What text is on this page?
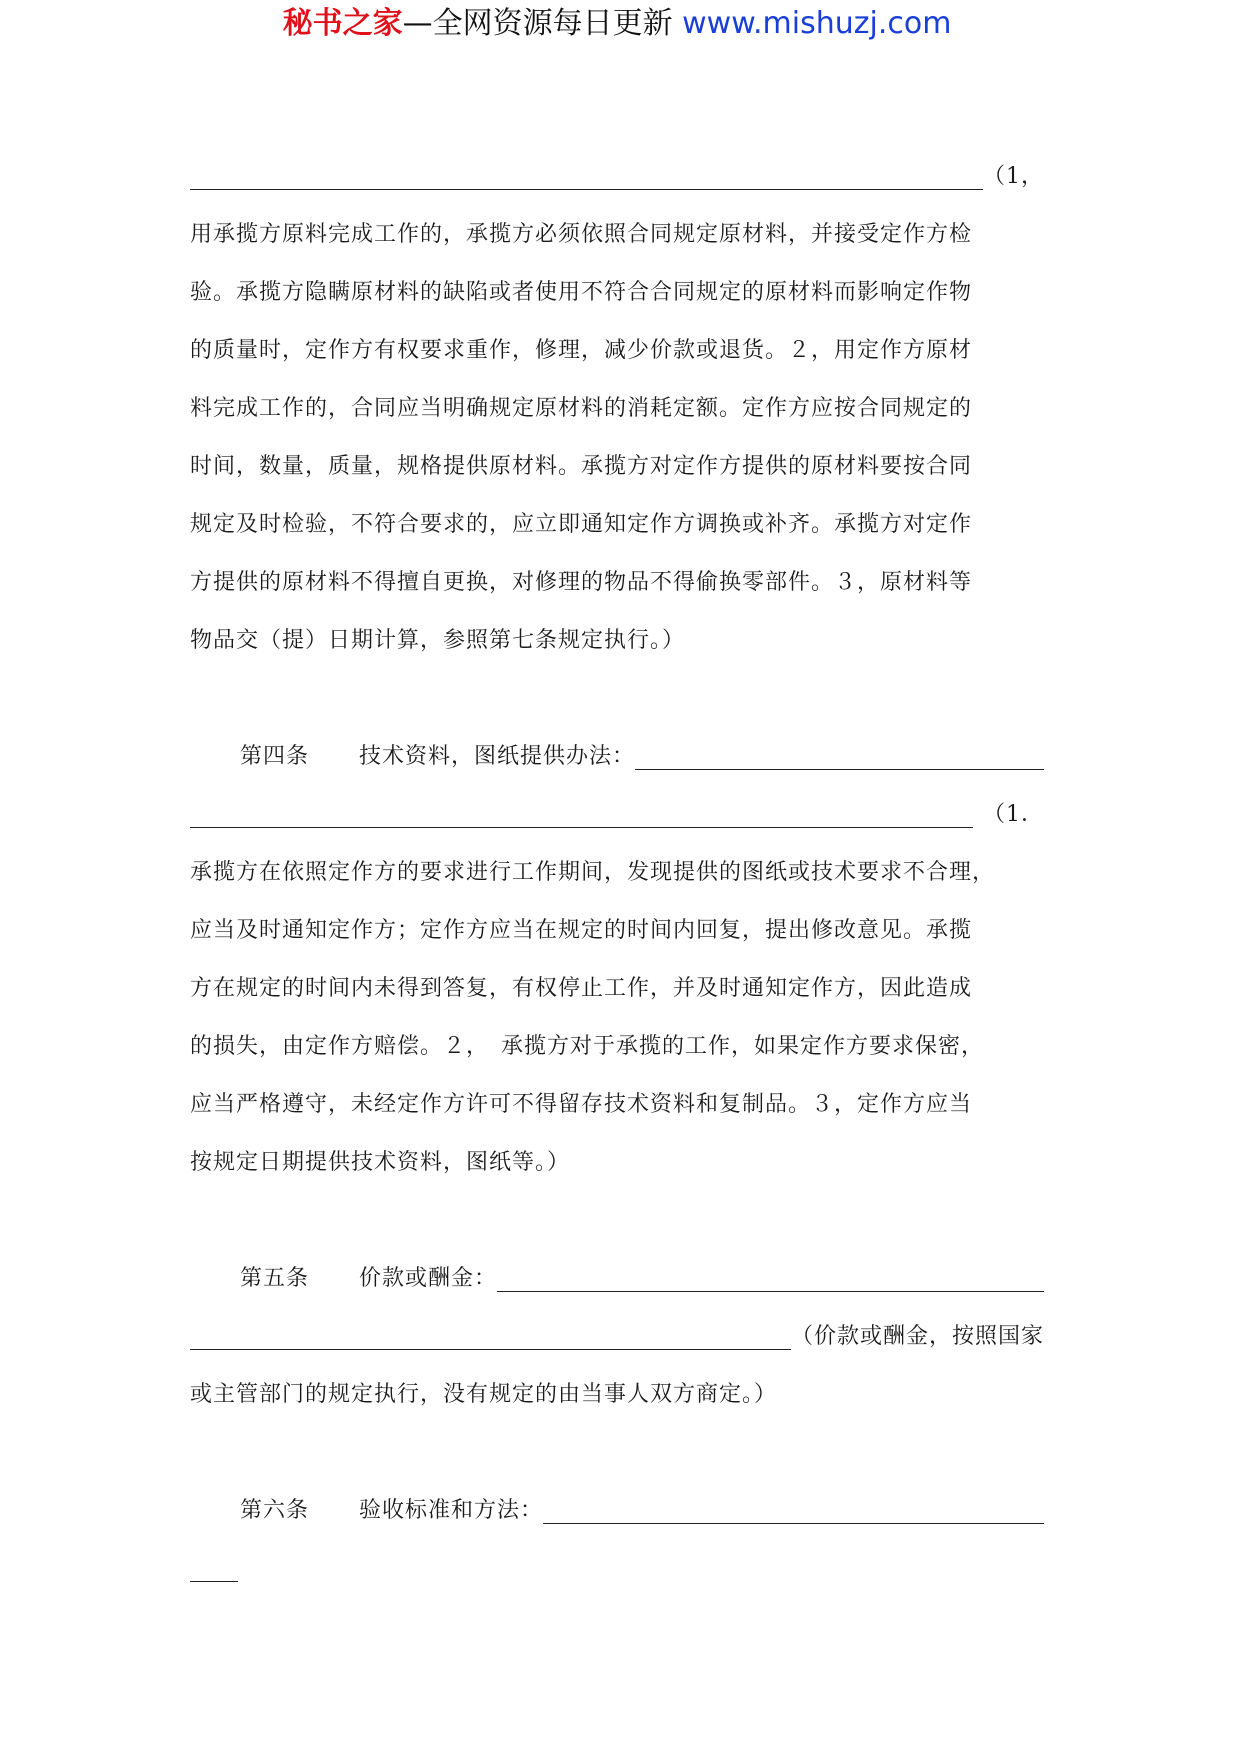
秘书之家—全网资源每日更新 www.mishuzj.com
（1，
用承揽方原料完成工作的，承揽方必须依照合同规定原材料，并接受定作方检
验。承揽方隐瞒原材料的缺陷或者使用不符合合同规定的原材料而影响定作物
的质量时，定作方有权要求重作，修理，减少价款或退货。２，用定作方原材
料完成工作的，合同应当明确规定原材料的消耗定额。定作方应按合同规定的
时间，数量，质量，规格提供原材料。承揽方对定作方提供的原材料要按合同
规定及时检验，不符合要求的，应立即通知定作方调换或补齐。承揽方对定作
方提供的原材料不得擅自更换，对修理的物品不得偷换零部件。３，原材料等
物品交（提）日期计算，参照第七条规定执行。）
第四条 技术资料，图纸提供办法：
（1．
承揽方在依照定作方的要求进行工作期间，发现提供的图纸或技术要求不合理，
应当及时通知定作方；定作方应当在规定的时间内回复，提出修改意见。承揽
方在规定的时间内未得到答复，有权停止工作，并及时通知定作方，因此造成
的损失，由定作方赔偿。２，　承揽方对于承揽的工作，如果定作方要求保密，
应当严格遵守，未经定作方许可不得留存技术资料和复制品。３，定作方应当
按规定日期提供技术资料，图纸等。）
第五条 价款或酬金：
（价款或酬金，按照国家
或主管部门的规定执行，没有规定的由当事人双方商定。）
第六条 验收标准和方法：
